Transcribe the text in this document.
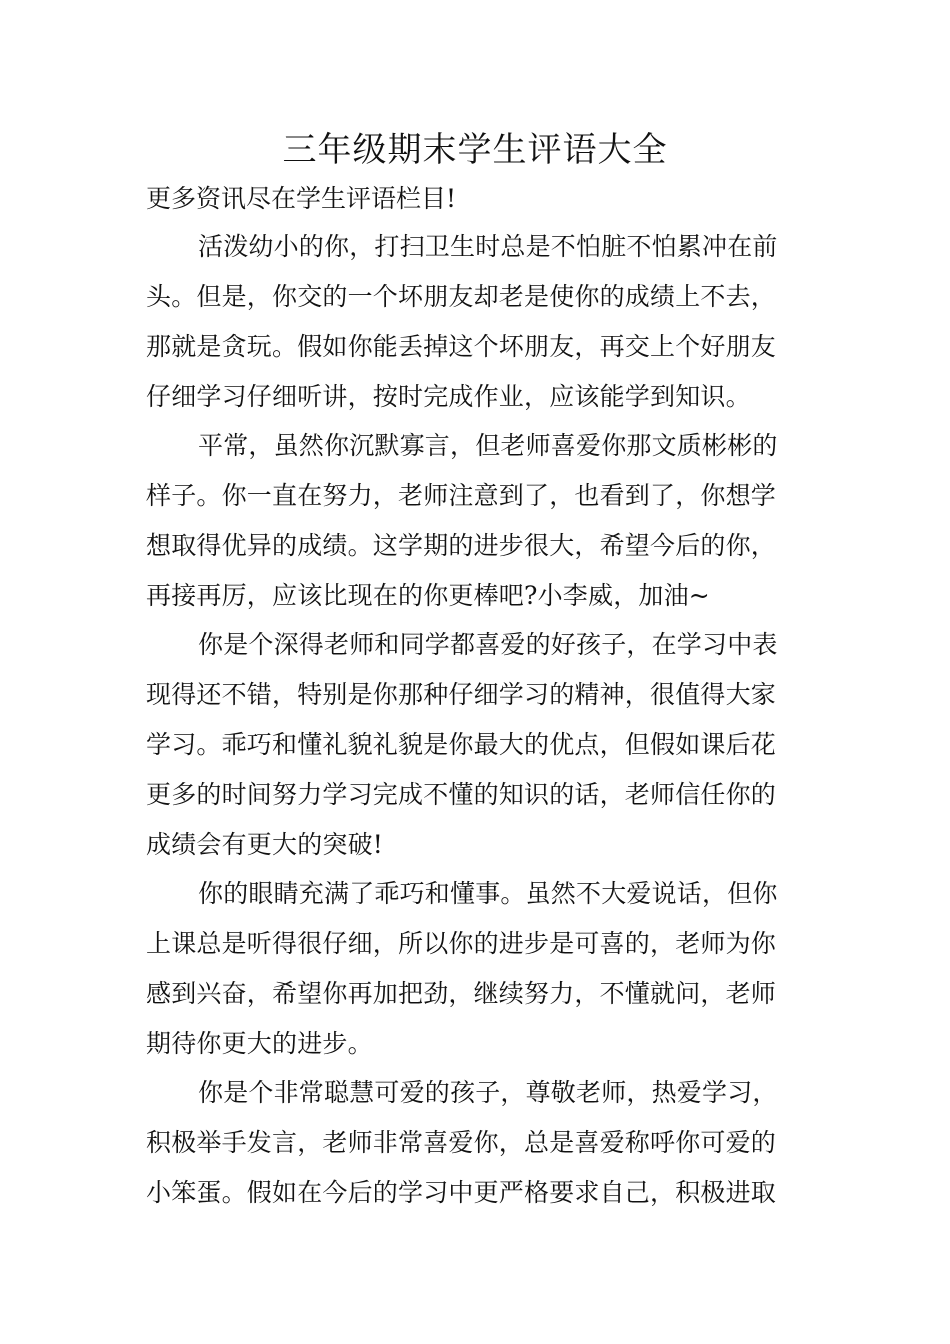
三年级期末学生评语大全

更多资讯尽在学生评语栏目!

活泼幼小的你，打扫卫生时总是不怕脏不怕累冲在前
头。但是，你交的一个坏朋友却老是使你的成绩上不去，
那就是贪玩。假如你能丢掉这个坏朋友，再交上个好朋友
仔细学习仔细听讲，按时完成作业，应该能学到知识。
平常，虽然你沉默寡言，但老师喜爱你那文质彬彬的
样子。你一直在努力，老师注意到了，也看到了，你想学
想取得优异的成绩。这学期的进步很大，希望今后的你，
再接再厉，应该比现在的你更棒吧?小李威，加油~
你是个深得老师和同学都喜爱的好孩子，在学习中表
现得还不错，特别是你那种仔细学习的精神，很值得大家
学习。乖巧和懂礼貌礼貌是你最大的优点，但假如课后花
更多的时间努力学习完成不懂的知识的话，老师信任你的
成绩会有更大的突破!
你的眼睛充满了乖巧和懂事。虽然不大爱说话，但你
上课总是听得很仔细，所以你的进步是可喜的，老师为你
感到兴奋，希望你再加把劲，继续努力，不懂就问，老师
期待你更大的进步。
你是个非常聪慧可爱的孩子，尊敬老师，热爱学习，
积极举手发言，老师非常喜爱你，总是喜爱称呼你可爱的
小笨蛋。假如在今后的学习中更严格要求自己，积极进取
